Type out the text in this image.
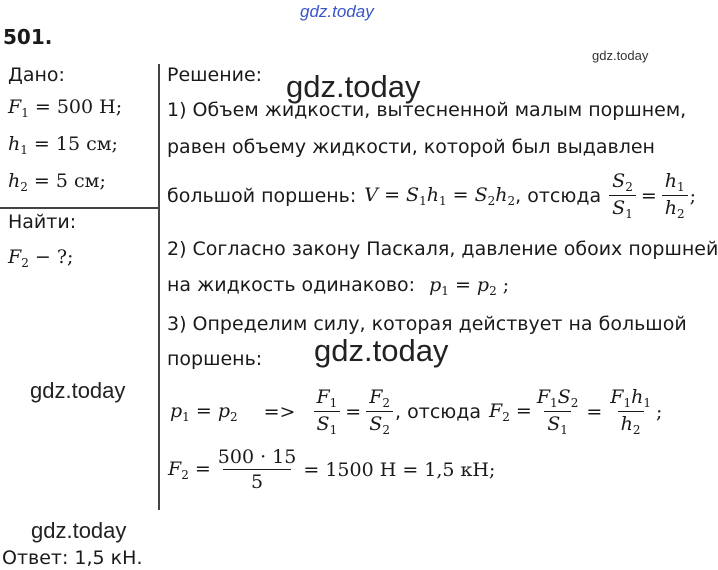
gdz.today
gdz.today
gdz.today
gdz.today
gdz.today
gdz.today
501.
Дано:
$F_1 = 500$ Н;
$h_1 = 15$ см;
$h_2 = 5$ см;
Найти:
$F_2$ − ?;
Решение:
1) Объем жидкости, вытесненной малым поршнем,
равен объему жидкости, которой был выдавлен
большой поршень: $V = S_1h_1 = S_2h_2$ , отсюда $\frac{S_2}{S_1} = \frac{h_1}{h_2}$ ;
2) Согласно закону Паскаля, давление обоих поршней
на жидкость одинаково: $p_1 = p_2$ ;
3) Определим силу, которая действует на большой
поршень:
$p_1 = p_2 => \frac{F_1}{S_1} = \frac{F_2}{S_2}$ , отсюда $F_2 = \frac{F_1S_2}{S_1} = \frac{F_1h_1}{h_2}$ ;
$F_2 = \frac{500 \cdot 15}{5} = 1500$ Н = 1,5 кН;
Ответ: 1,5 кН.
